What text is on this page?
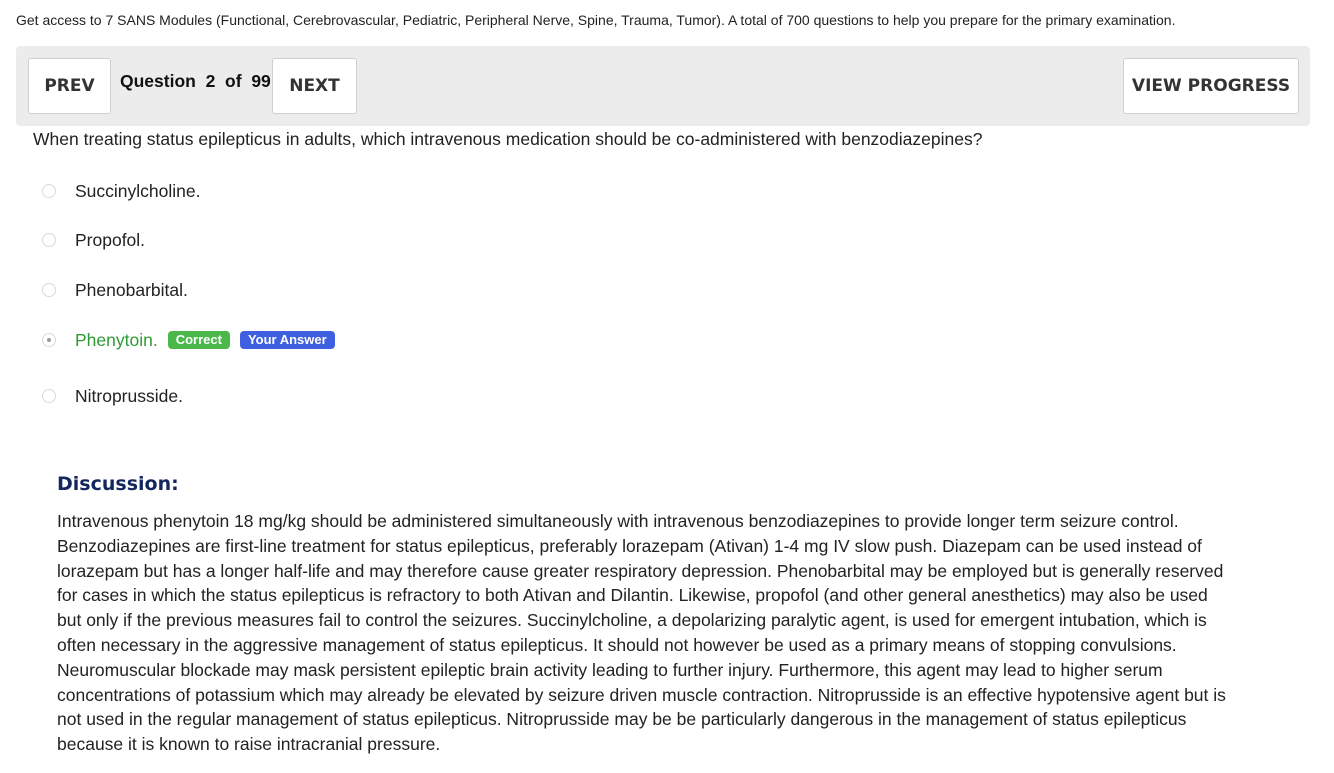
Get access to 7 SANS Modules (Functional, Cerebrovascular, Pediatric, Peripheral Nerve, Spine, Trauma, Tumor). A total of 700 questions to help you prepare for the primary examination.
PREV	Question 2 of 99	NEXT	VIEW PROGRESS
When treating status epilepticus in adults, which intravenous medication should be co-administered with benzodiazepines?
Succinylcholine.
Propofol.
Phenobarbital.
Phenytoin.	Correct	Your Answer
Nitroprusside.
Discussion:
Intravenous phenytoin 18 mg/kg should be administered simultaneously with intravenous benzodiazepines to provide longer term seizure control. Benzodiazepines are first-line treatment for status epilepticus, preferably lorazepam (Ativan) 1-4 mg IV slow push. Diazepam can be used instead of lorazepam but has a longer half-life and may therefore cause greater respiratory depression. Phenobarbital may be employed but is generally reserved for cases in which the status epilepticus is refractory to both Ativan and Dilantin. Likewise, propofol (and other general anesthetics) may also be used but only if the previous measures fail to control the seizures. Succinylcholine, a depolarizing paralytic agent, is used for emergent intubation, which is often necessary in the aggressive management of status epilepticus. It should not however be used as a primary means of stopping convulsions. Neuromuscular blockade may mask persistent epileptic brain activity leading to further injury. Furthermore, this agent may lead to higher serum concentrations of potassium which may already be elevated by seizure driven muscle contraction. Nitroprusside is an effective hypotensive agent but is not used in the regular management of status epilepticus. Nitroprusside may be be particularly dangerous in the management of status epilepticus because it is known to raise intracranial pressure.
